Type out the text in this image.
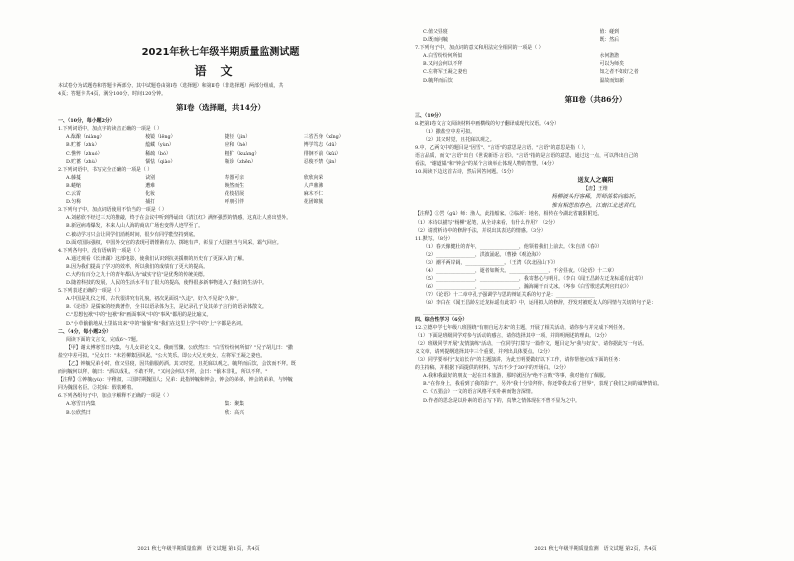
2021年秋七年级半期质量监测试题
语文
本试卷分为试题卷和答题卡两部分，其中试题卷由第Ⅰ卷（选择题）和第Ⅱ卷（非选择题）两部分组成，共
4页；答题卡共4页，满分100分，时间120分钟。
第Ⅰ卷（选择题，共14分）
一、（10分，每小题2分）
1.下列词语中，加点字的读音正确的一项是（ ）
A.酝酿（niàng）	棱镜（lēng）	捷径（jìn）	三省吾身（xǐng）
B.贮蓄（zhù）	蕴藏（yùn）	应和（hè）	博学笃志（dǔ）
C.憔悴（zhuó）	稀疏（bó）	粗犷（kuàng）	徘徊不前（kǔi）
D.贮蓄（zhù）	懦怯（qiào）	瓶诊（zhěn）	忍俊不禁（jìn）
2.下列词语中，书写完全正确的一项是（ ）
A.藤蔓	诀别	寿器可亲	欣欣向荣
B.蜷缩	遭难	焕然而生	人声鼎沸
C.云霄	化妆	花枝招展	麻木不仁
D.匀称	捕打	呼朋引伴	花团锦簇
3.下列句子中，加点词语使用不恰当的一项是（ ）
A.刘慈欣不经过三天的推敲，终于在会议中听到得诵出《清江红》满怀强烈的情感，这真让人喜出望外。
B.新冠病毒爆发，本来人山人海的商店广场也变得人迹罕至了。
C.被动学习只会让同学们消耗时间，很少有同学能坚持到底。
D.面对国际强权，中国外交官的表现可谓铿锵有力、掷地有声，彰显了大国担当与风采，霸气回应。
4.下列各句中，没有语病的一项是（ ）
A.通过观看《长津湖》这部电影，使我们认识到抗美援朝的历史有了更深入的了解。
B.因为我们提高了学习的效率，所以我们的成绩有了更大的提高。
C.大约有百分之九十的青年都认为"诚实守信"是优秀的传统美德。
D.随着科技的发展，人民的生活水平有了很大的提高，使得很多新事物进入了我们的生活中。
5.下列表述正确的一项是（ ）
A.中国是礼仪之邦，古代很讲究有礼貌，初次见面说"久违"，好久不见说"久仰"。
B.《论语》是儒家的经典著作，全书以语录体为主，是记录孔子及其弟子言行的语录体散文。
C."思想包袱"中的"包袱"和"画面事风"中的"事风"都用的是比喻义。
D."小草偷偷地从土里钻出来"中的"偷偷"和"我们在这里上学"中的"上"字都是名词。
二、（4分，每小题2分）
阅读下面的文言文，完成6～7题。
【甲】谢太傅寒雪日内集，与儿女讲论文义。俄而雪骤，公欣然曰："白雪纷纷何所似？"兄子胡儿曰："撒
盐空中差可拟。"兄女曰："未若柳絮因风起。"公大笑乐。即公大兄无奕女，左将军王凝之妻也。
【乙】钟毓兄弟小时，值父昼寝，因共偷服药酒。其父时觉，且托寐以观之。毓拜而后饮，会饮而不拜。既
而问毓何以拜，毓曰："酒以成礼，不敢不拜。"又问会何以不拜，会曰："偷本非礼，所以不拜。"
【注释】①钟毓(yù)：字稚叔，三国时期魏国人；兄弟：此指钟毓和钟会，钟会的弟弟，钟会的弟弟，与钟毓
同为魏国名臣。②托寐：假装睡着。
6.下列各组句子中，加点字解释不正确的一项是（ ）
A.寒雪日内集	集：聚集
B.公欣然曰	欣：高兴
2021 秋七年级半期质量监测　语文试题 第1页，共4页
C.值父昼寝	值：碰到
D.既而问毓	既：然后
7.下列句子中，加点词的意义和用法完全相同的一项是（ ）
A.白雪纷纷何所似	水何澹澹
B.又问会何以不拜	可以为师矣
C.左将军王凝之妻也	知之者不如好之者
D.毓拜而后饮	温故而知新
第Ⅱ卷（共86分）
三、（19分）
8.把第Ⅰ卷文言文阅读材料中画横线的句子翻译成现代汉语。（4分）
（1）撒盐空中差可拟。
（2）其父时觉，且托寐以观之。
9.中，乙两文中的题目是"因雪"、"言语"的意思是言语，"言语"的意思是指（ ），
语言品质，而文"言语"出自《世说新语·言语》。"言语"指的是言语的意思，通过这一点，可以得出自己的
看法，"谢道韫"和"钟会"的某个言谈举止体现人物的智慧。（4分）
10.阅读下边这首古诗，然后回答问题。（5分）
送友人之襄阳
【唐】王维
杨柳渡头行客稀，罟师荡桨向临圻。
惟有相思似春色，江南江北送君归。
【注释】①罟（gǔ）师：渔人，此指船家。②临圻：地名，相传在今湖北省襄阳附近。
（1）本诗以描写"杨柳"起笔，从全诗来看，有什么作用？（2分）
（2）请赏析诗中的修辞手法，并说出其表达的情感。（3分）
11.默写。（8分）
（1）春天像健壮的青年，________________，他领着我们上前去。（朱自清《春》）
（2）________________，洪波涌起。（曹操《观沧海》）
（3）潮平两岸阔，________________。（王湾《次北固山下》）
（4）________________，逝者如斯夫。________________，不舍昼夜。（《论语》十二章）
（5）________________，________________，我寄愁心与明月。（李白《闻王昌龄左迁龙标遥有此寄》）
（6）________________，________________，瀚海阑干百丈冰。（岑参《白雪歌送武判官归京》）
（7）《论语》十二章中孔子强调学与思的辩证关系的句子是：________________
（8）李白在《闻王昌龄左迁龙标遥有此寄》中，运用拟人的修辞，抒发对被贬友人的同情与关切的句子是：
________________
四、综合性学习（6分）
12.立德中学七年级八班围绕"有朋自远方来"的主题，开展了相关活动，请你参与并完成下列任务。
（1）下面是班级同学对参与活动的感言，请你选择其中一项，并简明阐述的理由。（2分）
（2）班级同学开展"友情演练"活动，一位同学打算写一篇作文，题目定为"我与好友"，请你据此写一句话。
义文章，请列提纲选择其中三个重要，并列出具体要点。（2分）
（3）同学要举行"友谊长存"的主题演讲，为此王明要做好以下工作，请你帮他完成下面的任务：
的主持稿，并根据下面提供的材料，写出不少于30字的开场白。（2分）
A.我和我最好的朋友一起在日本旅游，那时就因为"绝不言败"等事，我对他有了佩服。
B."在你身上，我看到了我的影子"，另外"我十分崇拜你，你还带我去看了世界"，表现了我们之间的诚挚情谊。
C.《五猖会》一文的语言风格平实朴素而饱含深情。
D.作者的思念是以朴素的语言写下的，真挚之情体现在不曾不显为之中。
2021 秋七年级半期质量监测　语文试题 第2页，共4页
